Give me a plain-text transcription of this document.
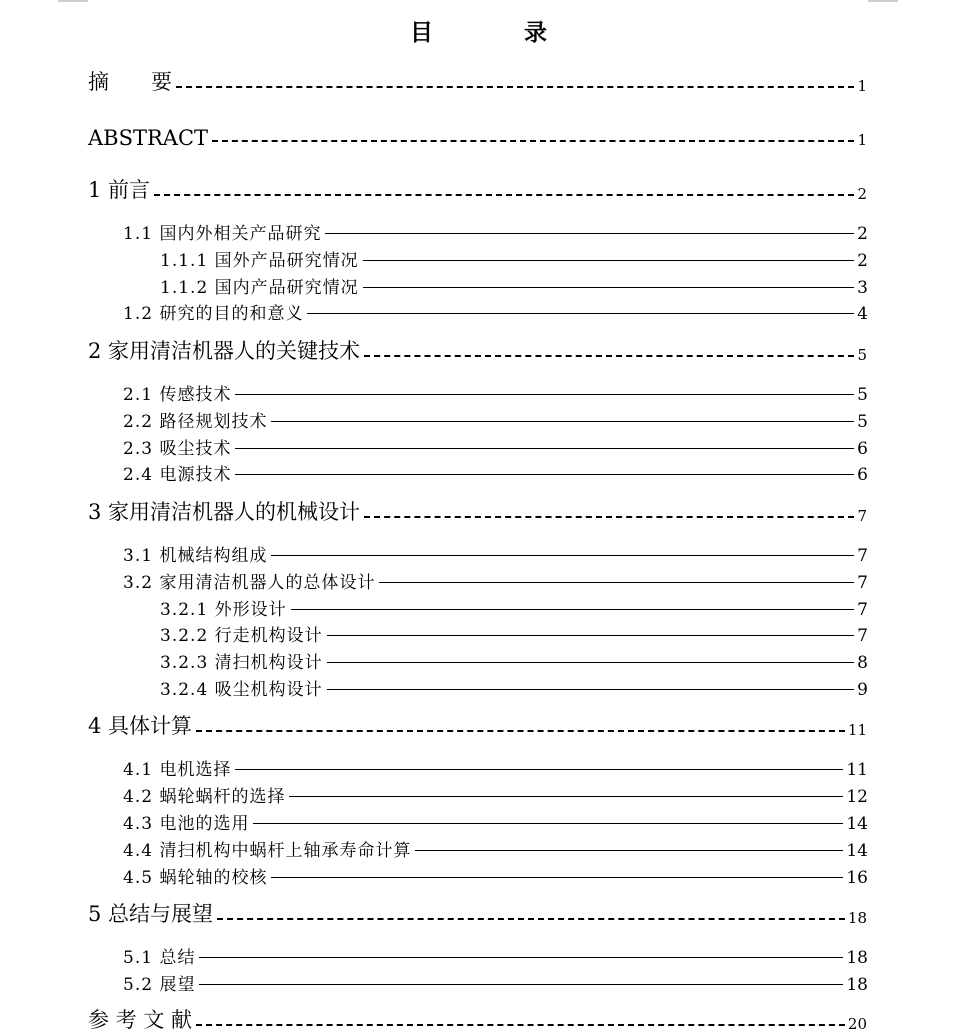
目　录
摘　　要	1
ABSTRACT	1
1 前言	2
1.1 国内外相关产品研究	2
1.1.1 国外产品研究情况	2
1.1.2 国内产品研究情况	3
1.2 研究的目的和意义	4
2 家用清洁机器人的关键技术	5
2.1 传感技术	5
2.2 路径规划技术	5
2.3 吸尘技术	6
2.4 电源技术	6
3 家用清洁机器人的机械设计	7
3.1 机械结构组成	7
3.2 家用清洁机器人的总体设计	7
3.2.1 外形设计	7
3.2.2 行走机构设计	7
3.2.3 清扫机构设计	8
3.2.4 吸尘机构设计	9
4 具体计算	11
4.1 电机选择	11
4.2 蜗轮蜗杆的选择	12
4.3 电池的选用	14
4.4 清扫机构中蜗杆上轴承寿命计算	14
4.5 蜗轮轴的校核	16
5 总结与展望	18
5.1 总结	18
5.2 展望	18
参 考 文 献	20
